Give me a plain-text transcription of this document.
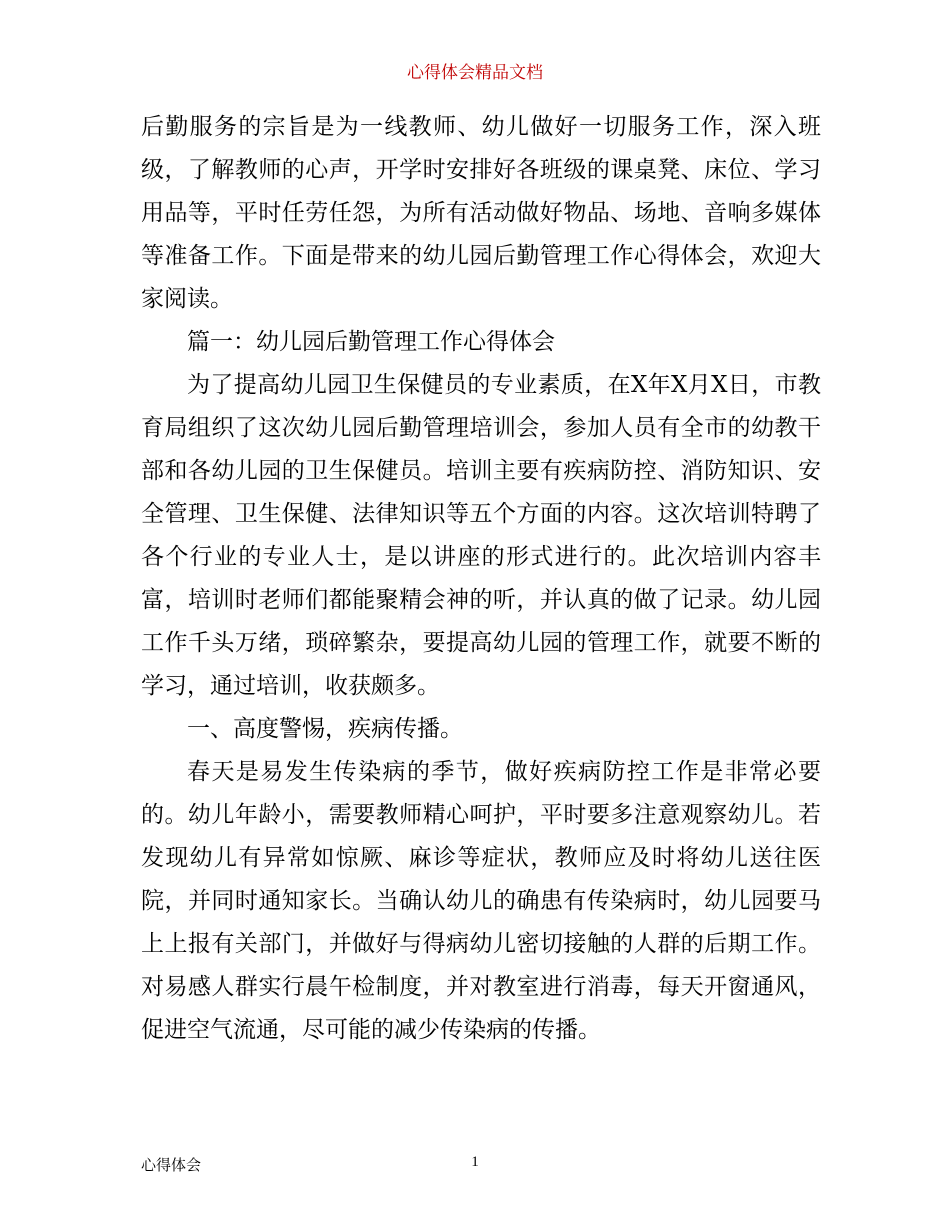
心得体会精品文档

后勤服务的宗旨是为一线教师、幼儿做好一切服务工作，深入班级，了解教师的心声，开学时安排好各班级的课桌凳、床位、学习用品等，平时任劳任怨，为所有活动做好物品、场地、音响多媒体等准备工作。下面是带来的幼儿园后勤管理工作心得体会，欢迎大家阅读。

篇一：幼儿园后勤管理工作心得体会

为了提高幼儿园卫生保健员的专业素质，在X年X月X日，市教育局组织了这次幼儿园后勤管理培训会，参加人员有全市的幼教干部和各幼儿园的卫生保健员。培训主要有疾病防控、消防知识、安全管理、卫生保健、法律知识等五个方面的内容。这次培训特聘了各个行业的专业人士，是以讲座的形式进行的。此次培训内容丰富，培训时老师们都能聚精会神的听，并认真的做了记录。幼儿园工作千头万绪，琐碎繁杂，要提高幼儿园的管理工作，就要不断的学习，通过培训，收获颇多。

一、高度警惕，疾病传播。

春天是易发生传染病的季节，做好疾病防控工作是非常必要的。幼儿年龄小，需要教师精心呵护，平时要多注意观察幼儿。若发现幼儿有异常如惊厥、麻诊等症状，教师应及时将幼儿送往医院，并同时通知家长。当确认幼儿的确患有传染病时，幼儿园要马上上报有关部门，并做好与得病幼儿密切接触的人群的后期工作。对易感人群实行晨午检制度，并对教室进行消毒，每天开窗通风，促进空气流通，尽可能的减少传染病的传播。

心得体会	1
